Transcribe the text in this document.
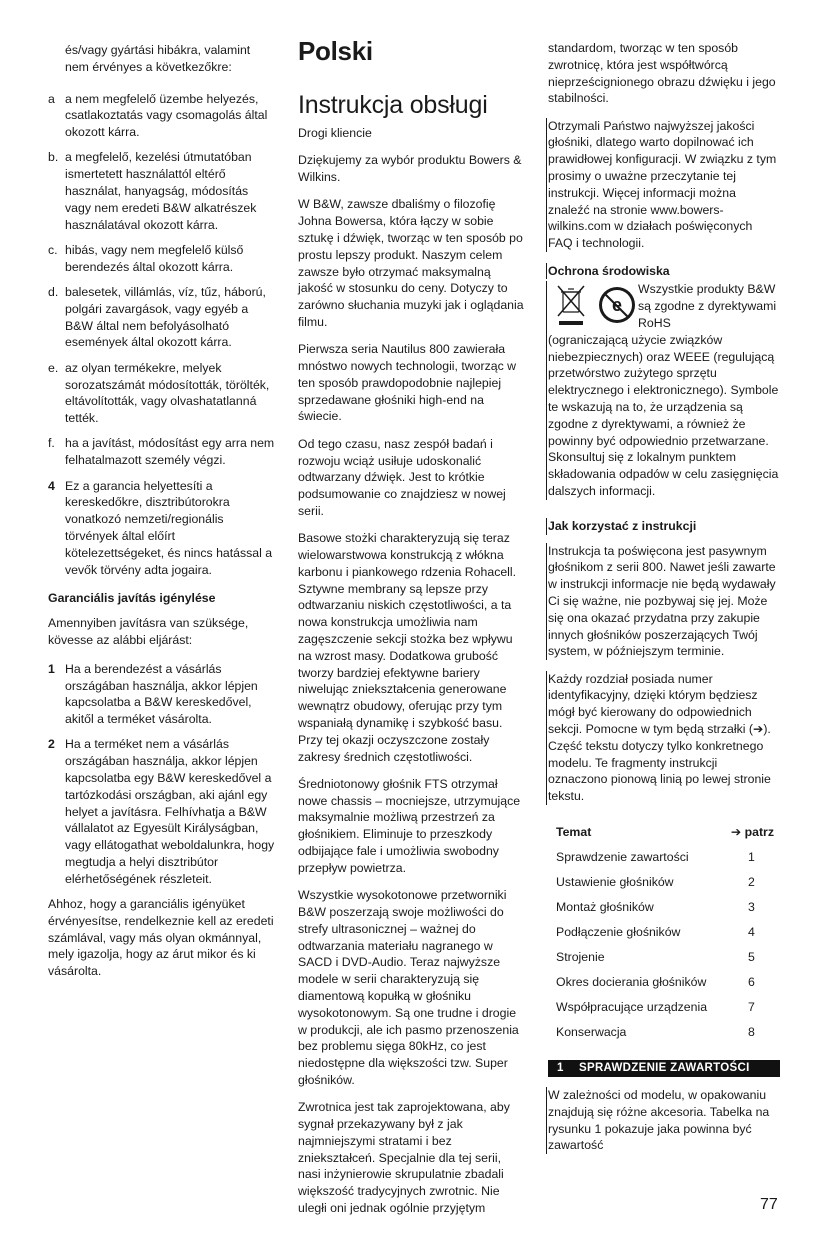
és/vagy gyártási hibákra, valamint nem érvényes a következőkre:

a a nem megfelelő üzembe helyezés, csatlakoztatás vagy csomagolás által okozott kárra.
b. a megfelelő, kezelési útmutatóban ismertetett használattól eltérő használat, hanyagság, módosítás vagy nem eredeti B&W alkatrészek használatával okozott kárra.
c. hibás, vagy nem megfelelő külső berendezés által okozott kárra.
d. balesetek, villámlás, víz, tűz, háború, polgári zavargások, vagy egyéb a B&W által nem befolyásolható események által okozott kárra.
e. az olyan termékekre, melyek sorozatszámát módosították, törölték, eltávolították, vagy olvashatatlanná tették.
f. ha a javítást, módosítást egy arra nem felhatalmazott személy végzi.
4 Ez a garancia helyettesíti a kereskedőkre, disztribútorokra vonatkozó nemzeti/regionális törvények által előírt kötelezettségeket, és nincs hatással a vevők törvény adta jogaira.
Garanciális javítás igénylése

Amennyiben javításra van szüksége, kövesse az alábbi eljárást:

1 Ha a berendezést a vásárlás országában használja, akkor lépjen kapcsolatba a B&W kereskedővel, akitől a terméket vásárolta.
2 Ha a terméket nem a vásárlás országában használja, akkor lépjen kapcsolatba egy B&W kereskedővel a tartózkodási országban, aki ajánl egy helyet a javításra. Felhívhatja a B&W vállalatot az Egyesült Királyságban, vagy ellátogathat weboldalunkra, hogy megtudja a helyi disztribútor elérhetőségének részleteit.

Ahhoz, hogy a garanciális igényüket érvényesítse, rendelkeznie kell az eredeti számlával, vagy más olyan okmánnyal, mely igazolja, hogy az árut mikor és ki vásárolta.

Polski
Instrukcja obsługi

Drogi kliencie

Dziękujemy za wybór produktu Bowers & Wilkins.

W B&W, zawsze dbaliśmy o filozofię Johna Bowersa, która łączy w sobie sztukę i dźwięk, tworząc w ten sposób po prostu lepszy produkt. Naszym celem zawsze było otrzymać maksymalną jakość w stosunku do ceny. Dotyczy to zarówno słuchania muzyki jak i oglądania filmu.

Pierwsza seria Nautilus 800 zawierała mnóstwo nowych technologii, tworząc w ten sposób prawdopodobnie najlepiej sprzedawane głośniki high-end na świecie.

Od tego czasu, nasz zespół badań i rozwoju wciąż usiłuje udoskonalić odtwarzany dźwięk. Jest to krótkie podsumowanie co znajdziesz w nowej serii.

Basowe stożki charakteryzują się teraz wielowarstwowa konstrukcją z włókna karbonu i piankowego rdzenia Rohacell. Sztywne membrany są lepsze przy odtwarzaniu niskich częstotliwości, a ta nowa konstrukcja umożliwia nam zagęszczenie sekcji stożka bez wpływu na wzrost masy. Dodatkowa grubość tworzy bardziej efektywne bariery niwelując zniekształcenia generowane wewnątrz obudowy, oferując przy tym wspaniałą dynamikę i szybkość basu. Przy tej okazji oczyszczone zostały zakresy średnich częstotliwości.

Średniotonowy głośnik FTS otrzymał nowe chassis – mocniejsze, utrzymujące maksymalnie możliwą przestrzeń za głośnikiem. Eliminuje to przeszkody odbijające fale i umożliwia swobodny przepływ powietrza.

Wszystkie wysokotonowe przetworniki B&W poszerzają swoje możliwości do strefy ultrasonicznej – ważnej do odtwarzania materiału nagranego w SACD i DVD-Audio. Teraz najwyższe modele w serii charakteryzują się diamentową kopułką w głośniku wysokotonowym. Są one trudne i drogie w produkcji, ale ich pasmo przenoszenia bez problemu sięga 80kHz, co jest niedostępne dla większości tzw. Super głośników.

Zwrotnica jest tak zaprojektowana, aby sygnał przekazywany był z jak najmniejszymi stratami i bez zniekształceń. Specjalnie dla tej serii, nasi inżynierowie skrupulatnie zbadali większość tradycyjnych zwrotnic. Nie uległi oni jednak ogólnie przyjętym

standardom, tworząc w ten sposób zwrotnicę, która jest współtwórcą nieprześcignionego obrazu dźwięku i jego stabilności.

Otrzymali Państwo najwyższej jakości głośniki, dlatego warto dopilnować ich prawidłowej konfiguracji. W związku z tym prosimy o uważne przeczytanie tej instrukcji. Więcej informacji można znaleźć na stronie www.bowers-wilkins.com w działach poświęconych FAQ i technologii.

Ochrona środowiska
e
Wszystkie produkty B&W są zgodne z dyrektywami RoHS
(ograniczającą użycie związków niebezpiecznych) oraz WEEE (regulującą przetwórstwo zużytego sprzętu elektrycznego i elektronicznego). Symbole te wskazują na to, że urządzenia są zgodne z dyrektywami, a również że powinny być odpowiednio przetwarzane. Skonsultuj się z lokalnym punktem składowania odpadów w celu zasięgnięcia dalszych informacji.
Jak korzystać z instrukcji

Instrukcja ta poświęcona jest pasywnym głośnikom z serii 800. Nawet jeśli zawarte w instrukcji informacje nie będą wydawały Ci się ważne, nie pozbywaj się jej. Może się ona okazać przydatna przy zakupie innych głośników poszerzających Twój system, w późniejszym terminie.

Każdy rozdział posiada numer identyfikacyjny, dzięki którym będziesz mógł być kierowany do odpowiednich sekcji. Pomocne w tym będą strzałki (➔). Część tekstu dotyczy tylko konkretnego modelu. Te fragmenty instrukcji oznaczono pionową linią po lewej stronie tekstu.

Temat	➔ patrz
Sprawdzenie zawartości	1
Ustawienie głośników	2
Montaż głośników	3
Podłączenie głośników	4
Strojenie	5
Okres docierania głośników	6
Współpracujące urządzenia	7
Konserwacja	8
1 SPRAWDZENIE ZAWARTOŚCI

W zależności od modelu, w opakowaniu znajdują się różne akcesoria. Tabelka na rysunku 1 pokazuje jaka powinna być zawartość

77
